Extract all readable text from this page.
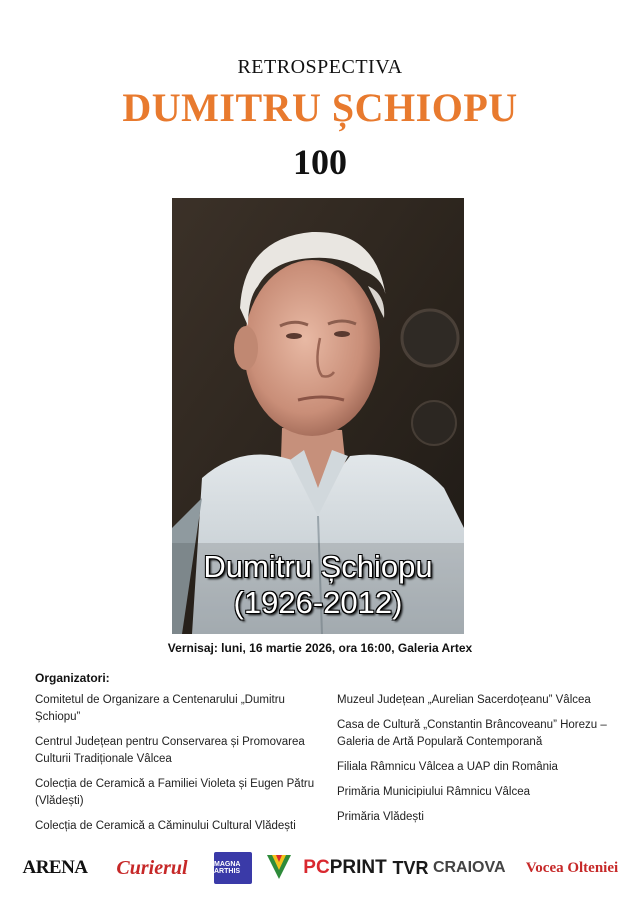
RETROSPECTIVA
DUMITRU ȘCHIOPU
100
Dumitru Șchiopu
(1926-2012)
Vernisaj: luni, 16 martie 2026, ora 16:00, Galeria Artex
Organizatori:
Comitetul de Organizare a Centenarului „Dumitru Șchiopu”
Centrul Județean pentru Conservarea și Promovarea Culturii Tradiționale Vâlcea
Colecția de Ceramică a Familiei Violeta și Eugen Pătru (Vlădești)
Colecția de Ceramică a Căminului Cultural Vlădești
Muzeul Județean „Aurelian Sacerdoțeanu” Vâlcea
Casa de Cultură „Constantin Brâncoveanu” Horezu – Galeria de Artă Populară Contemporană
Filiala Râmnicu Vâlcea a UAP din România
Primăria Municipiului Râmnicu Vâlcea
Primăria Vlădești
ARENA	Curierul	MAGNA ARTHIS	PC PRINT TVR
CRAIOVA	Vocea Olteniei
